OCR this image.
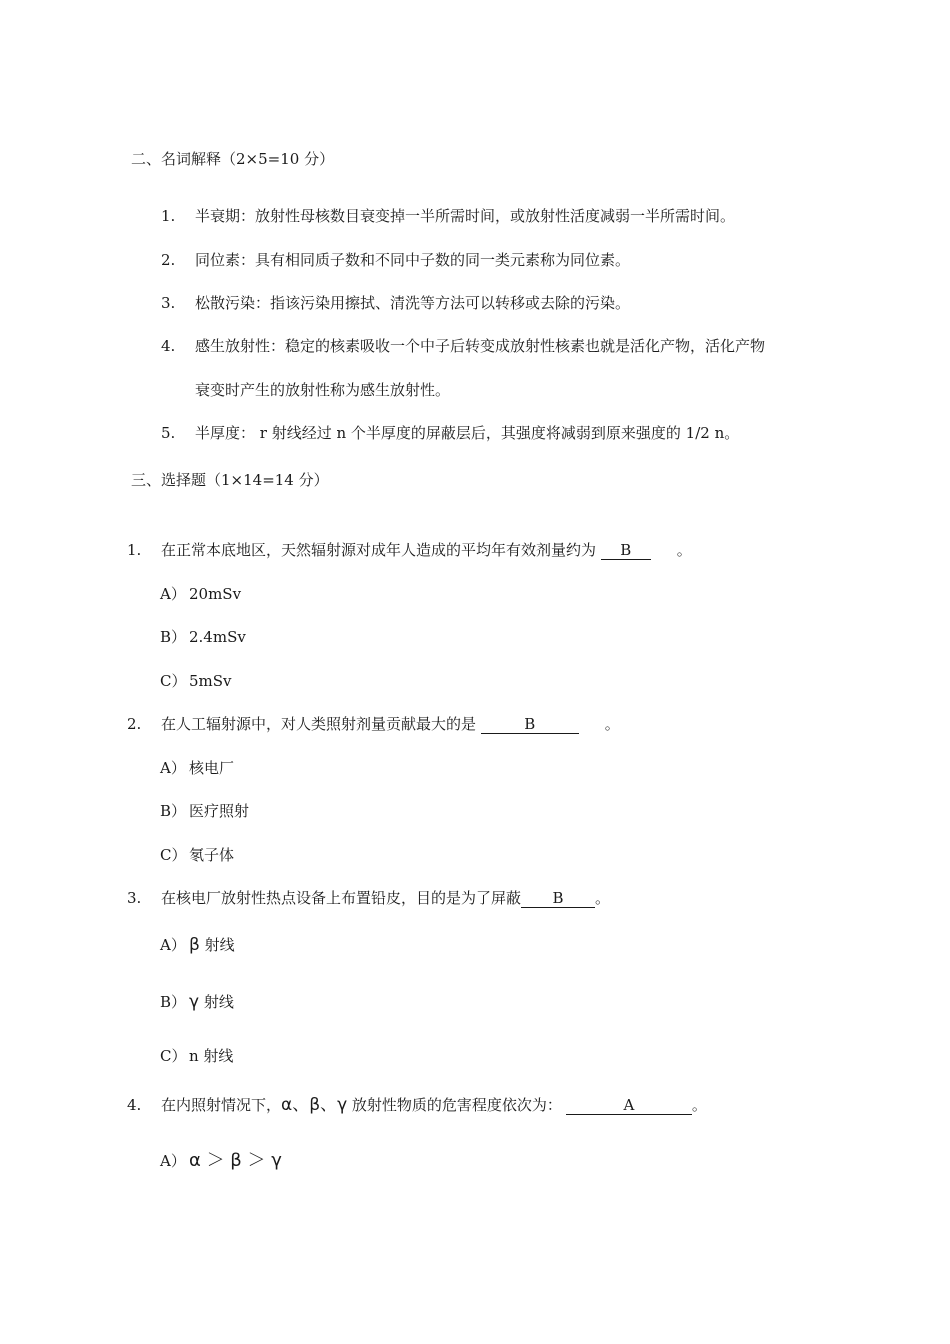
二、名词解释（2×5=10 分）
1. 半衰期：放射性母核数目衰变掉一半所需时间，或放射性活度减弱一半所需时间。
2. 同位素：具有相同质子数和不同中子数的同一类元素称为同位素。
3. 松散污染：指该污染用擦拭、清洗等方法可以转移或去除的污染。
4. 感生放射性：稳定的核素吸收一个中子后转变成放射性核素也就是活化产物，活化产物
衰变时产生的放射性称为感生放射性。
5. 半厚度： r 射线经过 n 个半厚度的屏蔽层后，其强度将减弱到原来强度的 1/2 n。
三、选择题（1×14=14 分）
1. 在正常本底地区，天然辐射源对成年人造成的平均年有效剂量约为 B	。
A） 20mSv
B） 2.4mSv
C） 5mSv
2. 在人工辐射源中，对人类照射剂量贡献最大的是	B	。
A） 核电厂
B） 医疗照射
C） 氡子体
3. 在核电厂放射性热点设备上布置铅皮，目的是为了屏蔽 B 。
A） β 射线
B） γ 射线
C） n 射线
4. 在内照射情况下，α、β、γ 放射性物质的危害程度依次为：	A	。
A） α ＞ β ＞ γ
